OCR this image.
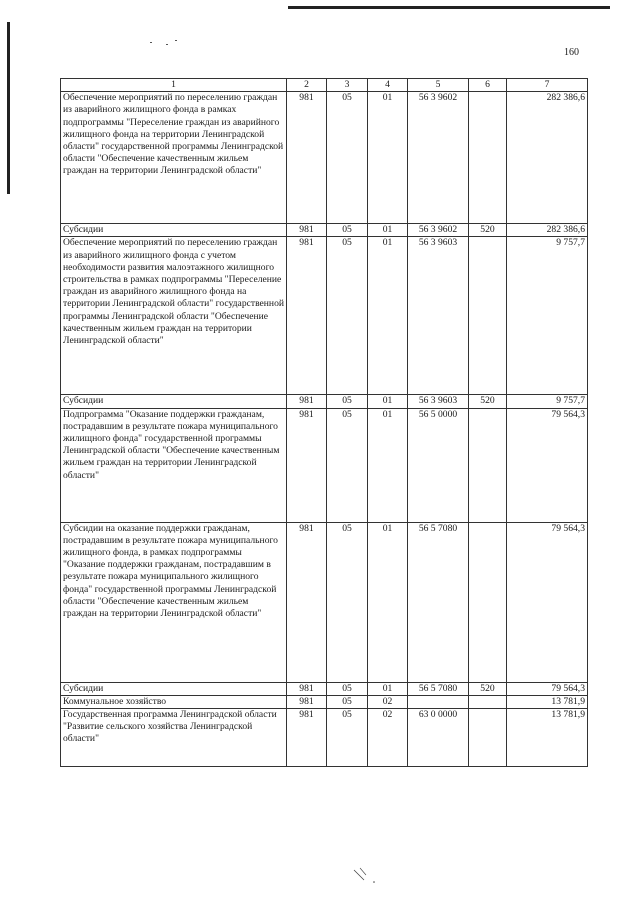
160
1	2	3	4	5	6	7
Обеспечение мероприятий по переселению граждан из аварийного жилищного фонда в рамках подпрограммы "Переселение граждан из аварийного жилищного фонда на территории Ленинградской области" государственной программы Ленинградской области "Обеспечение качественным жильем граждан на территории Ленинградской области"	981	05	01	56 3 9602		282 386,6
Субсидии	981	05	01	56 3 9602	520	282 386,6
Обеспечение мероприятий по переселению граждан из аварийного жилищного фонда с учетом необходимости развития малоэтажного жилищного строительства в рамках подпрограммы "Переселение граждан из аварийного жилищного фонда на территории Ленинградской области" государственной программы Ленинградской области "Обеспечение качественным жильем граждан на территории Ленинградской области"	981	05	01	56 3 9603		9 757,7
Субсидии	981	05	01	56 3 9603	520	9 757,7
Подпрограмма "Оказание поддержки гражданам, пострадавшим в результате пожара муниципального жилищного фонда" государственной программы Ленинградской области "Обеспечение качественным жильем граждан на территории Ленинградской области"	981	05	01	56 5 0000		79 564,3
Субсидии на оказание поддержки гражданам, пострадавшим в результате пожара муниципального жилищного фонда, в рамках подпрограммы "Оказание поддержки гражданам, пострадавшим в результате пожара муниципального жилищного фонда" государственной программы Ленинградской области "Обеспечение качественным жильем граждан на территории Ленинградской области"	981	05	01	56 5 7080		79 564,3
Субсидии	981	05	01	56 5 7080	520	79 564,3
Коммунальное хозяйство	981	05	02			13 781,9
Государственная программа Ленинградской области "Развитие сельского хозяйства Ленинградской области"	981	05	02	63 0 0000		13 781,9
